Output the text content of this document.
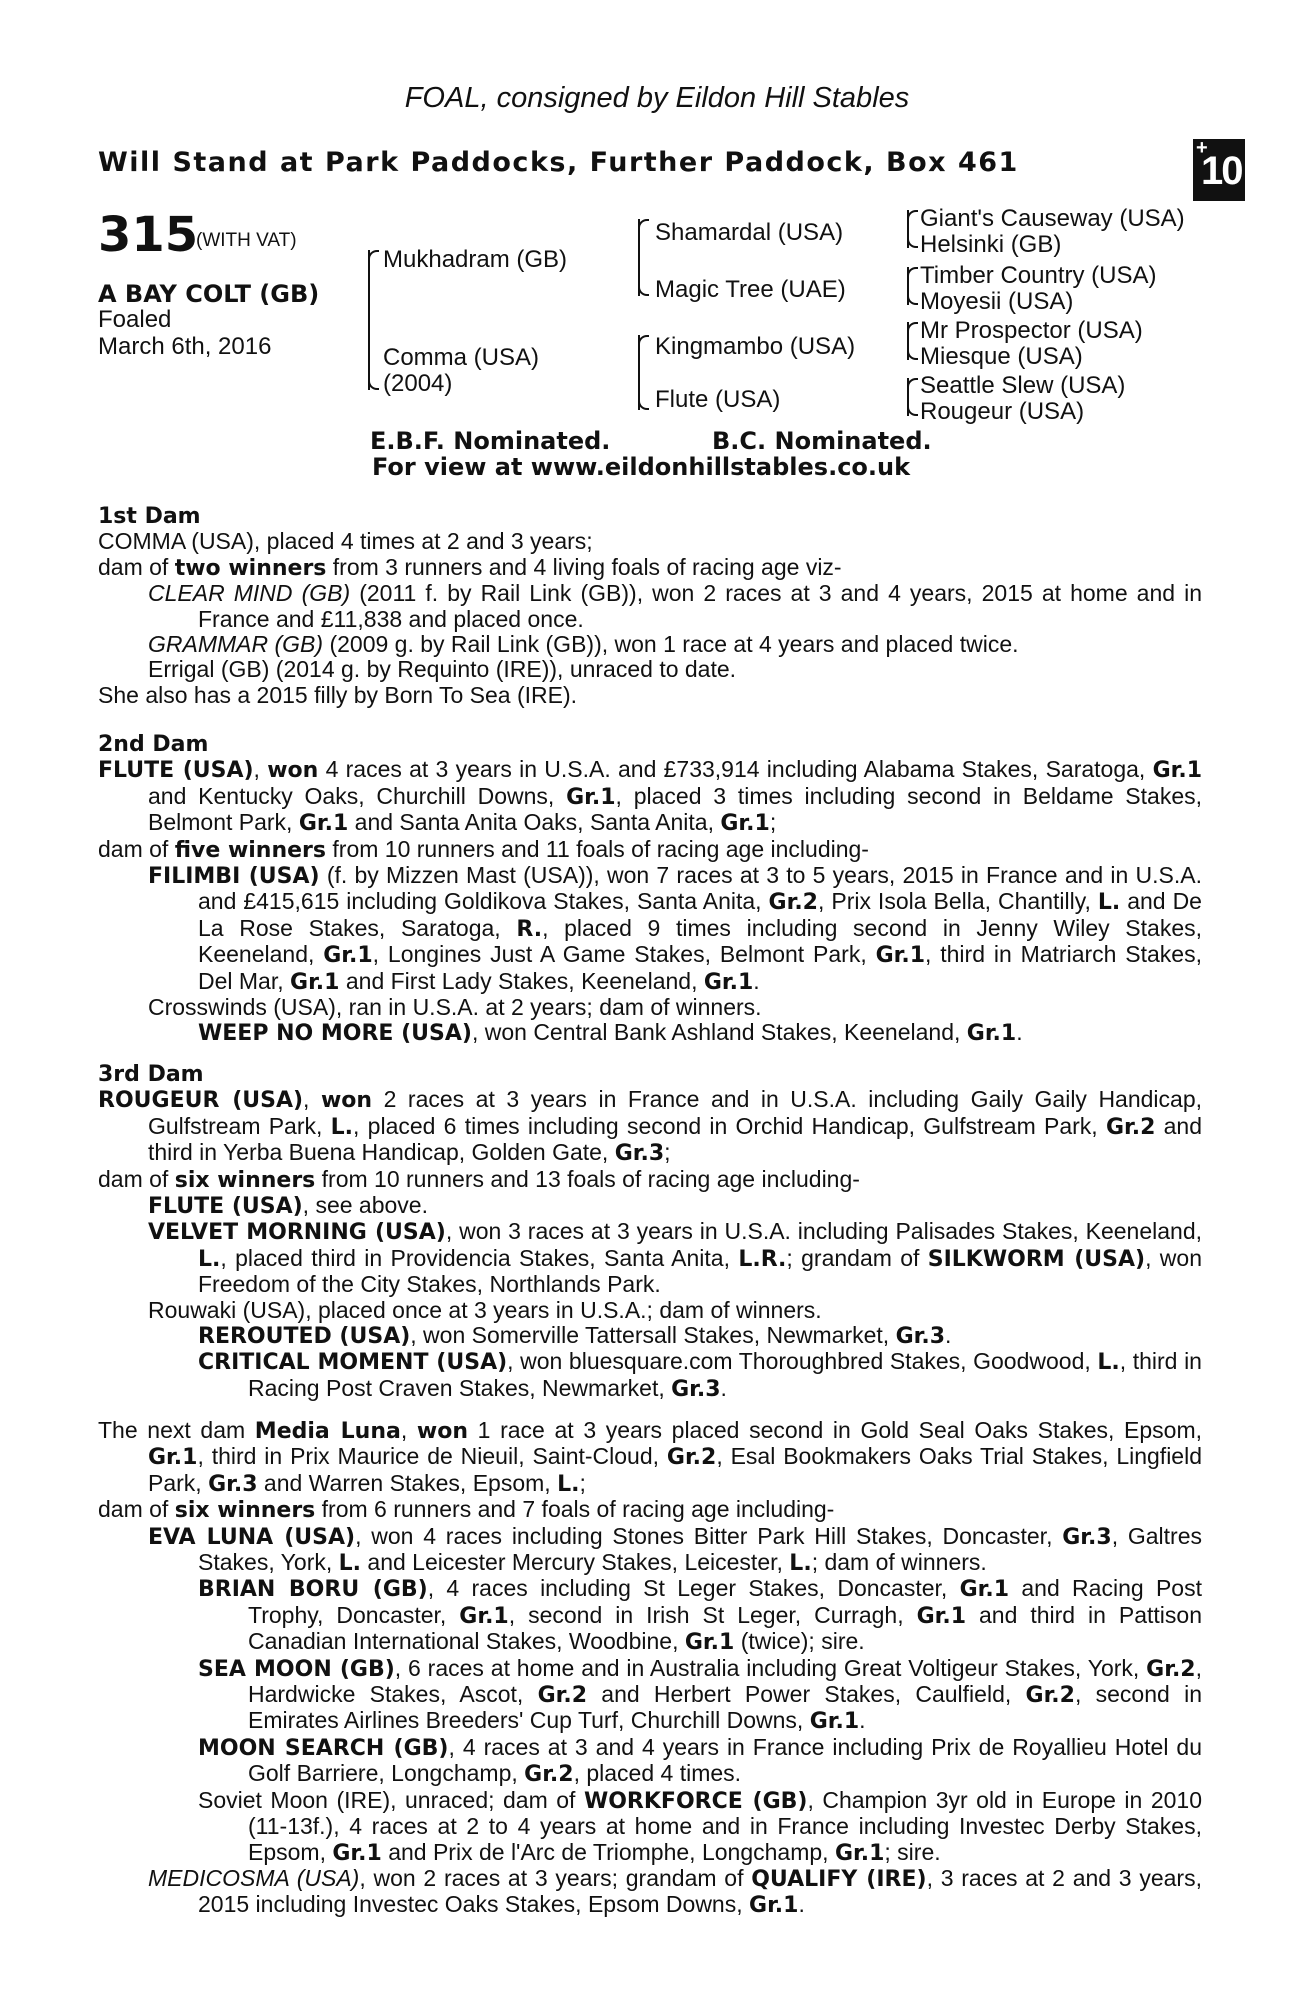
FOAL, consigned by Eildon Hill Stables
Will Stand at Park Paddocks, Further Paddock, Box 461	+
10
315
(WITH VAT)
A BAY COLT (GB)
Foaled
March 6th, 2016
Mukhadram (GB)
Comma (USA)
(2004)
Shamardal (USA)
Magic Tree (UAE)
Kingmambo (USA)
Flute (USA)
Giant's Causeway (USA)
Helsinki (GB)
Timber Country (USA)
Moyesii (USA)
Mr Prospector (USA)
Miesque (USA)
Seattle Slew (USA)
Rougeur (USA)
E.B.F. Nominated.	B.C. Nominated.
For view at www.eildonhillstables.co.uk

1st Dam

COMMA (USA), placed 4 times at 2 and 3 years;

dam of two winners from 3 runners and 4 living foals of racing age viz-

CLEAR MIND (GB) (2011 f. by Rail Link (GB)), won 2 races at 3 and 4 years, 2015 at home and in France and £11,838 and placed once.

GRAMMAR (GB) (2009 g. by Rail Link (GB)), won 1 race at 4 years and placed twice.

Errigal (GB) (2014 g. by Requinto (IRE)), unraced to date.

She also has a 2015 filly by Born To Sea (IRE).

2nd Dam

FLUTE (USA), won 4 races at 3 years in U.S.A. and £733,914 including Alabama Stakes, Saratoga, Gr.1 and Kentucky Oaks, Churchill Downs, Gr.1, placed 3 times including second in Beldame Stakes, Belmont Park, Gr.1 and Santa Anita Oaks, Santa Anita, Gr.1;

dam of five winners from 10 runners and 11 foals of racing age including-

FILIMBI (USA) (f. by Mizzen Mast (USA)), won 7 races at 3 to 5 years, 2015 in France and in U.S.A. and £415,615 including Goldikova Stakes, Santa Anita, Gr.2, Prix Isola Bella, Chantilly, L. and De La Rose Stakes, Saratoga, R., placed 9 times including second in Jenny Wiley Stakes, Keeneland, Gr.1, Longines Just A Game Stakes, Belmont Park, Gr.1, third in Matriarch Stakes, Del Mar, Gr.1 and First Lady Stakes, Keeneland, Gr.1.

Crosswinds (USA), ran in U.S.A. at 2 years; dam of winners.

WEEP NO MORE (USA), won Central Bank Ashland Stakes, Keeneland, Gr.1.

3rd Dam

ROUGEUR (USA), won 2 races at 3 years in France and in U.S.A. including Gaily Gaily Handicap, Gulfstream Park, L., placed 6 times including second in Orchid Handicap, Gulfstream Park, Gr.2 and third in Yerba Buena Handicap, Golden Gate, Gr.3;

dam of six winners from 10 runners and 13 foals of racing age including-

FLUTE (USA), see above.

VELVET MORNING (USA), won 3 races at 3 years in U.S.A. including Palisades Stakes, Keeneland, L., placed third in Providencia Stakes, Santa Anita, L.R.; grandam of SILKWORM (USA), won Freedom of the City Stakes, Northlands Park.

Rouwaki (USA), placed once at 3 years in U.S.A.; dam of winners.

REROUTED (USA), won Somerville Tattersall Stakes, Newmarket, Gr.3.

CRITICAL MOMENT (USA), won bluesquare.com Thoroughbred Stakes, Goodwood, L., third in Racing Post Craven Stakes, Newmarket, Gr.3.

The next dam Media Luna, won 1 race at 3 years placed second in Gold Seal Oaks Stakes, Epsom, Gr.1, third in Prix Maurice de Nieuil, Saint-Cloud, Gr.2, Esal Bookmakers Oaks Trial Stakes, Lingfield Park, Gr.3 and Warren Stakes, Epsom, L.;

dam of six winners from 6 runners and 7 foals of racing age including-

EVA LUNA (USA), won 4 races including Stones Bitter Park Hill Stakes, Doncaster, Gr.3, Galtres Stakes, York, L. and Leicester Mercury Stakes, Leicester, L.; dam of winners.

BRIAN BORU (GB), 4 races including St Leger Stakes, Doncaster, Gr.1 and Racing Post Trophy, Doncaster, Gr.1, second in Irish St Leger, Curragh, Gr.1 and third in Pattison Canadian International Stakes, Woodbine, Gr.1 (twice); sire.

SEA MOON (GB), 6 races at home and in Australia including Great Voltigeur Stakes, York, Gr.2, Hardwicke Stakes, Ascot, Gr.2 and Herbert Power Stakes, Caulfield, Gr.2, second in Emirates Airlines Breeders' Cup Turf, Churchill Downs, Gr.1.

MOON SEARCH (GB), 4 races at 3 and 4 years in France including Prix de Royallieu Hotel du Golf Barriere, Longchamp, Gr.2, placed 4 times.

Soviet Moon (IRE), unraced; dam of WORKFORCE (GB), Champion 3yr old in Europe in 2010 (11-13f.), 4 races at 2 to 4 years at home and in France including Investec Derby Stakes, Epsom, Gr.1 and Prix de l'Arc de Triomphe, Longchamp, Gr.1; sire.

MEDICOSMA (USA), won 2 races at 3 years; grandam of QUALIFY (IRE), 3 races at 2 and 3 years, 2015 including Investec Oaks Stakes, Epsom Downs, Gr.1.
